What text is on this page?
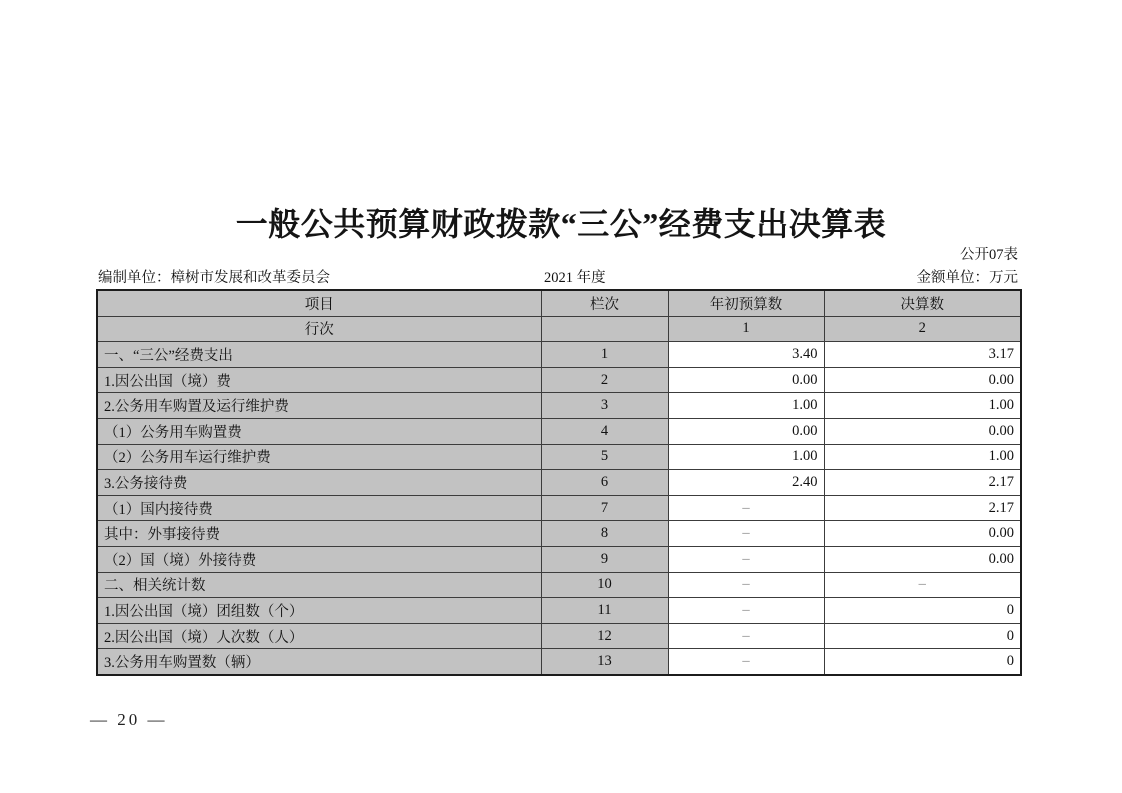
一般公共预算财政拨款“三公”经费支出决算表
公开07表
编制单位：樟树市发展和改革委员会	2021 年度	金额单位：万元
项目	栏次	年初预算数	决算数
行次		1	2
一、“三公”经费支出	1	3.40	3.17
1.因公出国（境）费	2	0.00	0.00
2.公务用车购置及运行维护费	3	1.00	1.00
（1）公务用车购置费	4	0.00	0.00
（2）公务用车运行维护费	5	1.00	1.00
3.公务接待费	6	2.40	2.17
（1）国内接待费	7	–	2.17
其中：外事接待费	8	–	0.00
（2）国（境）外接待费	9	–	0.00
二、相关统计数	10	–	–
1.因公出国（境）团组数（个）	11	–	0
2.因公出国（境）人次数（人）	12	–	0
3.公务用车购置数（辆）	13	–	0
— 20 —
